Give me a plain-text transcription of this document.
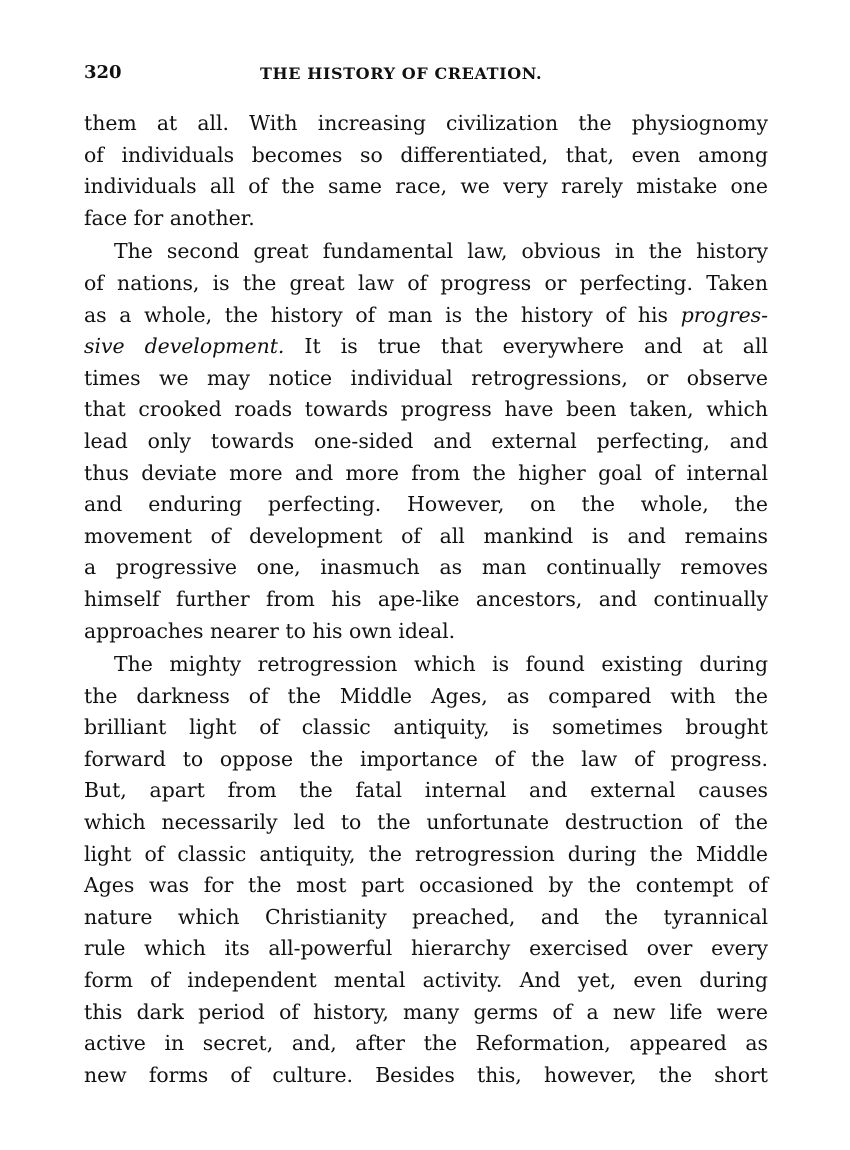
320	THE HISTORY OF CREATION.
them at all. With increasing civilization the physiognomy
of individuals becomes so differentiated, that, even among
individuals all of the same race, we very rarely mistake one
face for another.
The second great fundamental law, obvious in the history
of nations, is the great law of progress or perfecting. Taken
as a whole, the history of man is the history of his progres-
sive development. It is true that everywhere and at all
times we may notice individual retrogressions, or observe
that crooked roads towards progress have been taken, which
lead only towards one-sided and external perfecting, and
thus deviate more and more from the higher goal of internal
and enduring perfecting. However, on the whole, the
movement of development of all mankind is and remains
a progressive one, inasmuch as man continually removes
himself further from his ape-like ancestors, and continually
approaches nearer to his own ideal.
The mighty retrogression which is found existing during
the darkness of the Middle Ages, as compared with the
brilliant light of classic antiquity, is sometimes brought
forward to oppose the importance of the law of progress.
But, apart from the fatal internal and external causes
which necessarily led to the unfortunate destruction of the
light of classic antiquity, the retrogression during the Middle
Ages was for the most part occasioned by the contempt of
nature which Christianity preached, and the tyrannical
rule which its all-powerful hierarchy exercised over every
form of independent mental activity. And yet, even during
this dark period of history, many germs of a new life were
active in secret, and, after the Reformation, appeared as
new forms of culture. Besides this, however, the short
